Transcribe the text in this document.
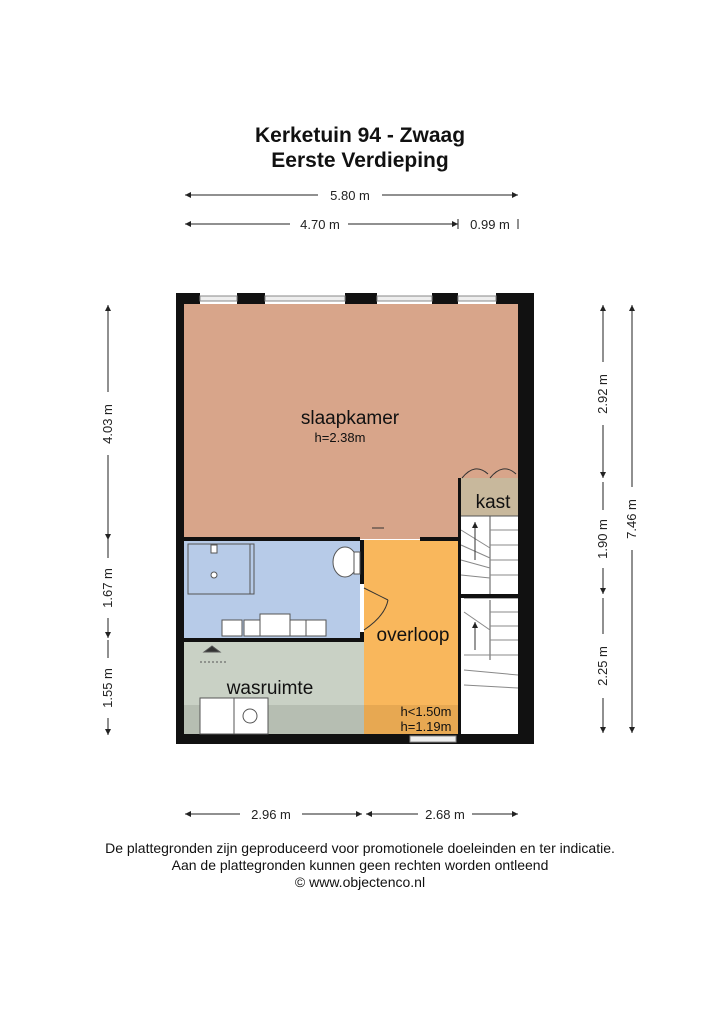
Kerketuin 94 - Zwaag
Eerste Verdieping
5.80 m
4.70 m	0.99 m
4.03 m
1.67 m
1.55 m
2.92 m
1.90 m
2.25 m
7.46 m
2.96 m	2.68 m
slaapkamer
h=2.38m
kast
overloop
h<1.50m
h=1.19m
wasruimte
De plattegronden zijn geproduceerd voor promotionele doeleinden en ter indicatie.
Aan de plattegronden kunnen geen rechten worden ontleend
© www.objectenco.nl
